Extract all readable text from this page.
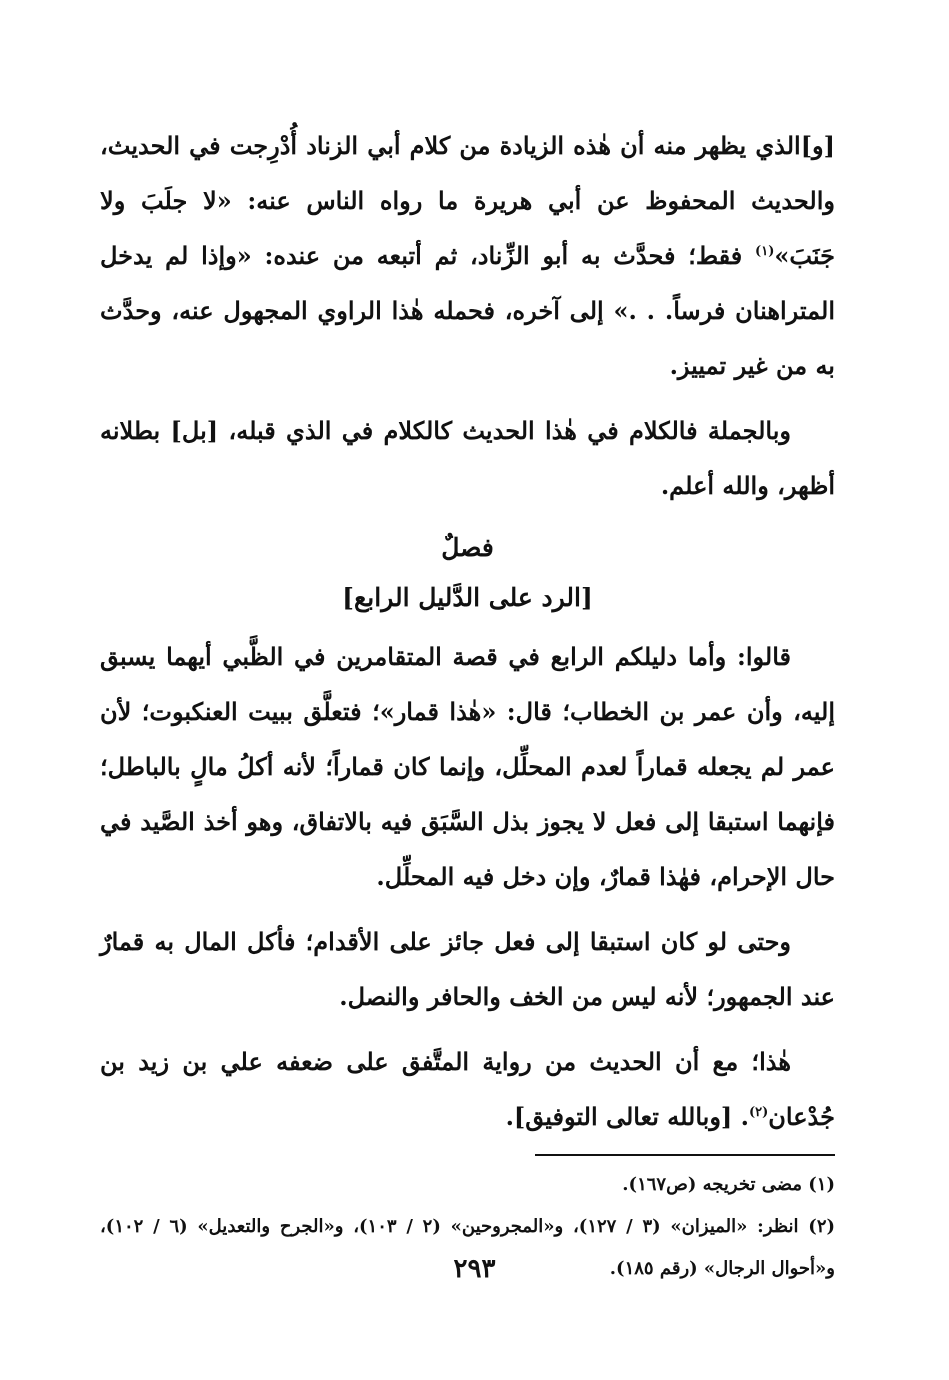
[و]الذي يظهر منه أن هٰذه الزيادة من كلام أبي الزناد أُدْرِجت في الحديث، والحديث المحفوظ عن أبي هريرة ما رواه الناس عنه: «لا جلَبَ ولا جَنَبَ»$^{(١)}$ فقط؛ فحدَّث به أبو الزِّناد، ثم أتبعه من عنده: «وإذا لم يدخل المتراهنان فرساً. . .» إلى آخره، فحمله هٰذا الراوي المجهول عنه، وحدَّث به من غير تمييز.

وبالجملة فالكلام في هٰذا الحديث كالكلام في الذي قبله، [بل] بطلانه أظهر، والله أعلم.

فصلٌ
[الرد على الدَّليل الرابع]

قالوا: وأما دليلكم الرابع في قصة المتقامرين في الظَّبي أيهما يسبق إليه، وأن عمر بن الخطاب؛ قال: «هٰذا قمار»؛ فتعلَّق ببيت العنكبوت؛ لأن عمر لم يجعله قماراً لعدم المحلِّل، وإنما كان قماراً؛ لأنه أكلُ مالٍ بالباطل؛ فإنهما استبقا إلى فعل لا يجوز بذل السَّبَق فيه بالاتفاق، وهو أخذ الصَّيد في حال الإحرام، فهٰذا قمارٌ، وإن دخل فيه المحلِّل.

وحتى لو كان استبقا إلى فعل جائز على الأقدام؛ فأكل المال به قمارٌ عند الجمهور؛ لأنه ليس من الخف والحافر والنصل.

هٰذا؛ مع أن الحديث من رواية المتَّفق على ضعفه علي بن زيد بن جُدْعان$^{(٢)}$. [وبالله تعالى التوفيق].

(١) مضى تخريجه (ص١٦٧).

(٢) انظر: «الميزان» (٣ / ١٢٧)، و«المجروحين» (٢ / ١٠٣)، و«الجرح والتعديل» (٦ / ١٠٢)، و«أحوال الرجال» (رقم ١٨٥).

٢٩٣
